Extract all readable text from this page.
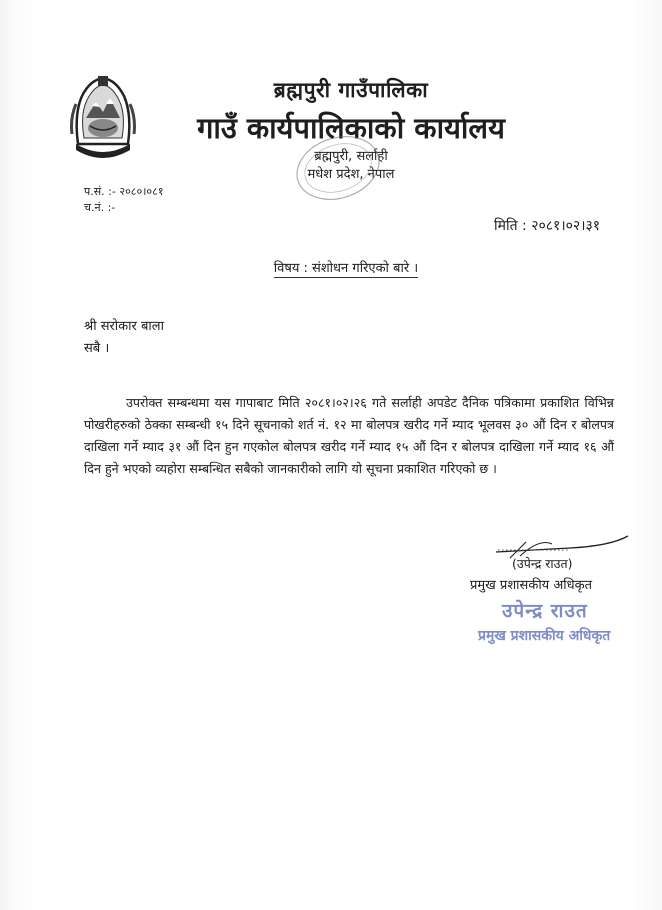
ब्रह्मपुरी गाउँपालिका
गाउँ कार्यपालिकाको कार्यालय
ब्रह्मपुरी, सर्लाही
मधेश प्रदेश, नेपाल
प.सं. :- २०८०।०८१
च.नं. :-
मिति : २०८१।०२।३१
विषय : संशोधन गरिएको बारे ।
श्री सरोकार बाला
सबै ।

उपरोक्त सम्बन्धमा यस गापाबाट मिति २०८१।०२।२६ गते सर्लाही अपडेट दैनिक पत्रिकामा प्रकाशित विभिन्न पोखरीहरुको ठेक्का सम्बन्धी १५ दिने सूचनाको शर्त नं. १२ मा बोलपत्र खरीद गर्ने म्याद भूलवस ३० औं दिन र बोलपत्र दाखिला गर्ने म्याद ३१ औं दिन हुन गएकोल बोलपत्र खरीद गर्ने म्याद १५ औं दिन र बोलपत्र दाखिला गर्ने म्याद १६ औं दिन हुने भएको व्यहोरा सम्बन्धित सबैको जानकारीको लागि यो सूचना प्रकाशित गरिएको छ ।

(उपेन्द्र राउत)
प्रमुख प्रशासकीय अधिकृत
उपेन्द्र राउत
प्रमुख प्रशासकीय अधिकृत
